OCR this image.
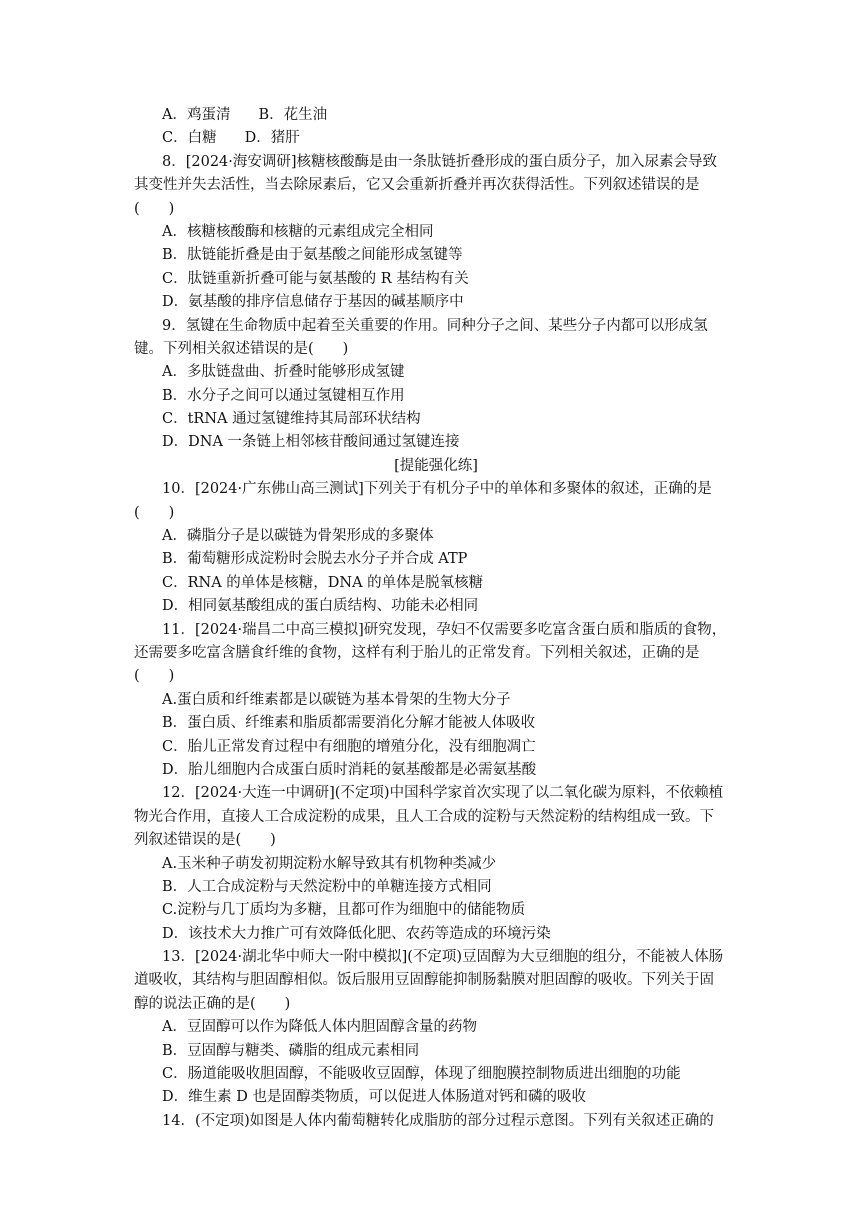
A．鸡蛋清 B．花生油
C．白糖 D．猪肝
8．[2024·海安调研]核糖核酸酶是由一条肽链折叠形成的蛋白质分子，加入尿素会导致
其变性并失去活性，当去除尿素后，它又会重新折叠并再次获得活性。下列叙述错误的是
(　　)
A．核糖核酸酶和核糖的元素组成完全相同
B．肽链能折叠是由于氨基酸之间能形成氢键等
C．肽链重新折叠可能与氨基酸的 R 基结构有关
D．氨基酸的排序信息储存于基因的碱基顺序中
9．氢键在生命物质中起着至关重要的作用。同种分子之间、某些分子内都可以形成氢
键。下列相关叙述错误的是(　　)
A．多肽链盘曲、折叠时能够形成氢键
B．水分子之间可以通过氢键相互作用
C．tRNA 通过氢键维持其局部环状结构
D．DNA 一条链上相邻核苷酸间通过氢键连接
[提能强化练]
10．[2024·广东佛山高三测试]下列关于有机分子中的单体和多聚体的叙述，正确的是
(　　)
A．磷脂分子是以碳链为骨架形成的多聚体
B．葡萄糖形成淀粉时会脱去水分子并合成 ATP
C．RNA 的单体是核糖，DNA 的单体是脱氧核糖
D．相同氨基酸组成的蛋白质结构、功能未必相同
11．[2024·瑞昌二中高三模拟]研究发现，孕妇不仅需要多吃富含蛋白质和脂质的食物，
还需要多吃富含膳食纤维的食物，这样有利于胎儿的正常发育。下列相关叙述，正确的是
(　　)
A.蛋白质和纤维素都是以碳链为基本骨架的生物大分子
B．蛋白质、纤维素和脂质都需要消化分解才能被人体吸收
C．胎儿正常发育过程中有细胞的增殖分化，没有细胞凋亡
D．胎儿细胞内合成蛋白质时消耗的氨基酸都是必需氨基酸
12．[2024·大连一中调研](不定项)中国科学家首次实现了以二氧化碳为原料，不依赖植
物光合作用，直接人工合成淀粉的成果，且人工合成的淀粉与天然淀粉的结构组成一致。下
列叙述错误的是(　　)
A.玉米种子萌发初期淀粉水解导致其有机物种类减少
B．人工合成淀粉与天然淀粉中的单糖连接方式相同
C.淀粉与几丁质均为多糖，且都可作为细胞中的储能物质
D．该技术大力推广可有效降低化肥、农药等造成的环境污染
13．[2024·湖北华中师大一附中模拟](不定项)豆固醇为大豆细胞的组分，不能被人体肠
道吸收，其结构与胆固醇相似。饭后服用豆固醇能抑制肠黏膜对胆固醇的吸收。下列关于固
醇的说法正确的是(　　)
A．豆固醇可以作为降低人体内胆固醇含量的药物
B．豆固醇与糖类、磷脂的组成元素相同
C．肠道能吸收胆固醇，不能吸收豆固醇，体现了细胞膜控制物质进出细胞的功能
D．维生素 D 也是固醇类物质，可以促进人体肠道对钙和磷的吸收
14．(不定项)如图是人体内葡萄糖转化成脂肪的部分过程示意图。下列有关叙述正确的
